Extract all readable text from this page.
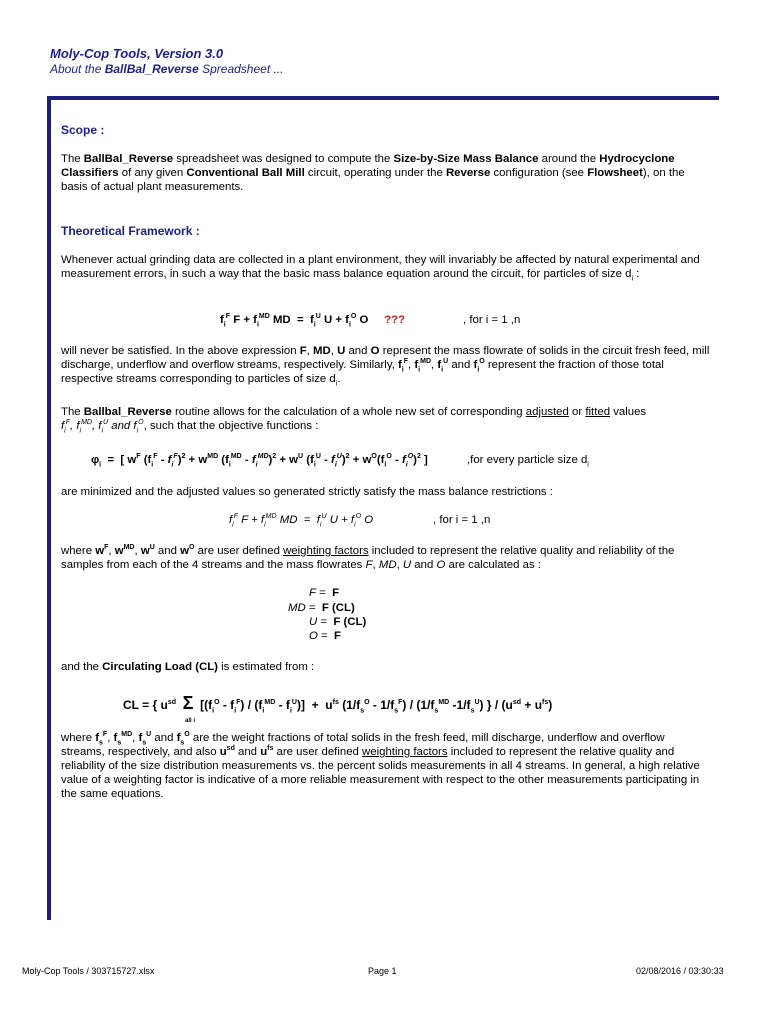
Moly-Cop Tools, Version 3.0
About the BallBal_Reverse Spreadsheet ...
Scope :
The BallBal_Reverse spreadsheet was designed to compute the Size-by-Size Mass Balance around the Hydrocyclone Classifiers of any given Conventional Ball Mill circuit, operating under the Reverse configuration (see Flowsheet), on the basis of actual plant measurements.
Theoretical Framework :
Whenever actual grinding data are collected in a plant environment, they will invariably be affected by natural experimental and measurement errors, in such a way that the basic mass balance equation around the circuit, for particles of size $d_i$ :
$f_i^F$ $F + f_i^{MD}$ MD  =  $f_i^U$ $U + f_i^O$ O     ???	, for i = 1 ,n
will never be satisfied. In the above expression F, MD, U and O represent the mass flowrate of solids in the circuit fresh feed, mill discharge, underflow and overflow streams, respectively. Similarly, $f_i^F$, $f_i^{MD}$, $f_i^U$ and $f_i^O$ represent the fraction of those total respective streams corresponding to particles of size $d_i$.
The Ballbal_Reverse routine allows for the calculation of a whole new set of corresponding adjusted or fitted values
$f_i^F$, $f_i^{MD}$, $f_i^U$ and $f_i^O$, such that the objective functions :
$\varphi_i$  =  [ $w^F$ $(f_i^F - f_i^F)^2 + w^{MD}$ $(f_i^{MD} - f_i^{MD})^2 + w^U$ $(f_i^U - f_i^U)^2 + w^O(f_i^O - f_i^O)^2$ ]	,for every particle size $d_i$
are minimized and the adjusted values so generated strictly satisfy the mass balance restrictions :
$f_i^F$ $F + f_i^{MD}$ MD  =  $f_i^U$ $U + f_i^O$ O	, for i = 1 ,n
where $w^F$, $w^{MD}$, $w^U$ and $w^O$ are user defined weighting factors included to represent the relative quality and reliability of the samples from each of the 4 streams and the mass flowrates F, MD, U and O are calculated as :
F =  F
MD =  F (CL)
U =  F (CL)
O =  F
and the Circulating Load (CL) is estimated from :
CL = { $u^{sd}$ Σ  $[(f_i^O - f_i^F) / (f_i^{MD} - f_i^U)] + u^{fs}$ $(1/f_s^O - 1/f_s^F) / (1/f_s^{MD}$ $-1/f_s^U$) } / $(u^{sd} + u^{fs})$
all i
where $f_s^F$, $f_s^{MD}$, $f_s^U$ and $f_s^O$ are the weight fractions of total solids in the fresh feed, mill discharge, underflow and overflow streams, respectively, and also $u^{sd}$ and $u^{fs}$ are user defined weighting factors included to represent the relative quality and reliability of the size distribution measurements vs. the percent solids measurements in all 4 streams. In general, a high relative value of a weighting factor is indicative of a more reliable measurement with respect to the other measurements participating in the same equations.
Moly-Cop Tools / 303715727.xlsx	Page 1	02/08/2016 / 03:30:33
